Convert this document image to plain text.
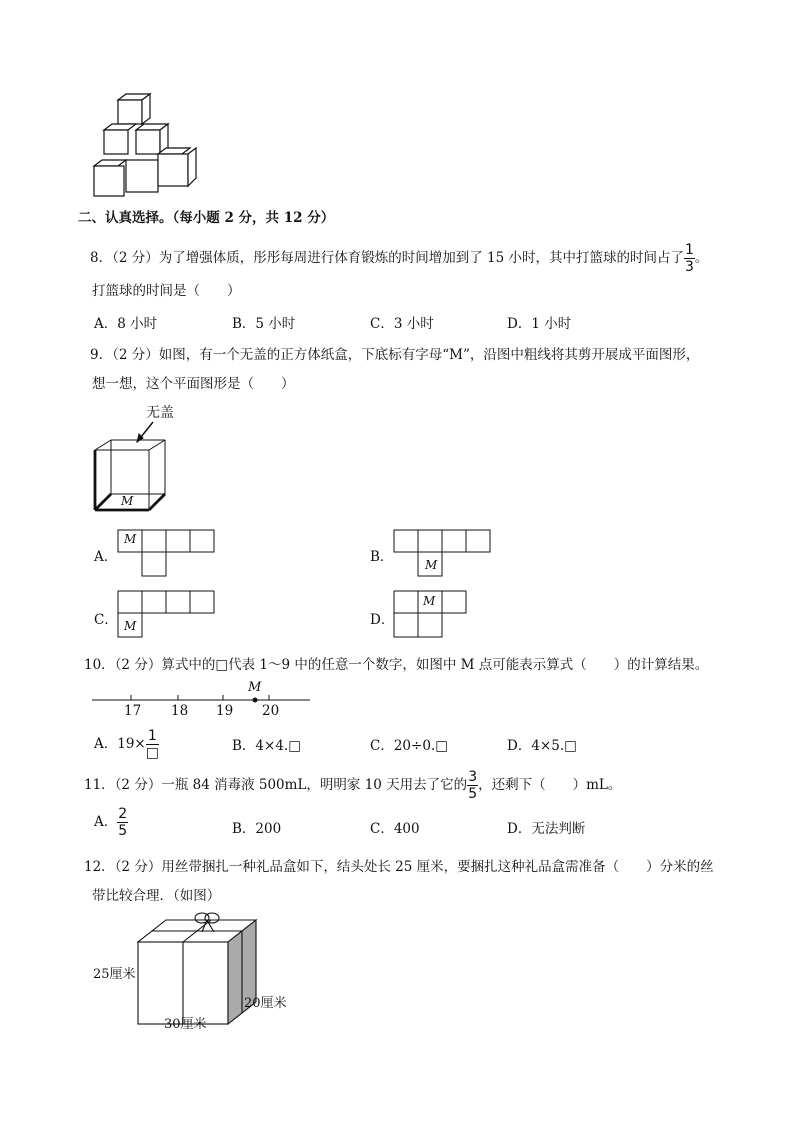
二、认真选择。（每小题 2 分，共 12 分）
8．（2 分）为了增强体质，彤彤每周进行体育锻炼的时间增加到了 15 小时，其中打篮球的时间占了 $\frac{1}{3}$ 。
打篮球的时间是（　　）
A．8 小时	B．5 小时	C．3 小时	D．1 小时
9．（2 分）如图，有一个无盖的正方体纸盒，下底标有字母“M”，沿图中粗线将其剪开展成平面图形，
想一想，这个平面图形是（　　）
无盖
M
A．
M
B．	M
C． M	D．
M
10．（2 分）算式中的□代表 1～9 中的任意一个数字，如图中 M 点可能表示算式（　　）的计算结果。
M
17 18 19 20
A．$19\times \frac{1}{□}$	B．4×4.□	C．20÷0.□	D．4×5.□
11．（2 分）一瓶 84 消毒液 500mL，明明家 10 天用去了它的 $\frac{3}{5}$ ，还剩下（　　）mL。
A． $\frac{2}{5}$	B．200	C．400	D．无法判断
12．（2 分）用丝带捆扎一种礼品盒如下，结头处长 25 厘米，要捆扎这种礼品盒需准备（　　）分米的丝
带比较合理．（如图）
25厘米
30厘米
20厘米
